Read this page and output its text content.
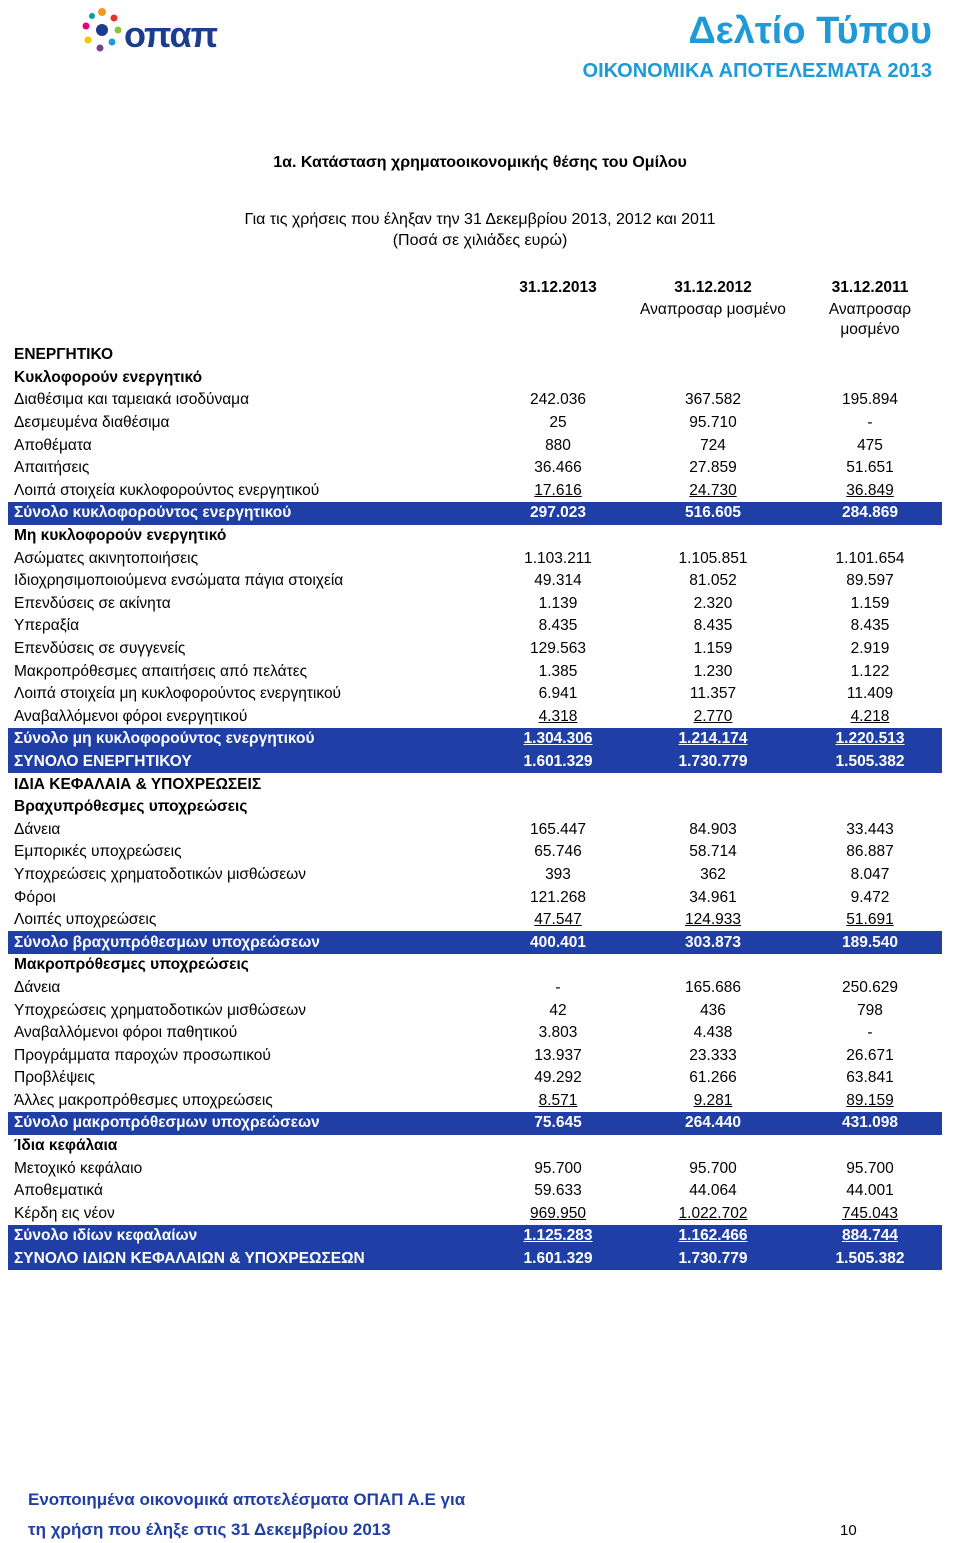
οπαπ	Δελτίο Τύπου
ΟΙΚΟΝΟΜΙΚΑ ΑΠΟΤΕΛΕΣΜΑΤΑ 2013
1α. Κατάσταση χρηματοοικονομικής θέσης του Ομίλου
Για τις χρήσεις που έληξαν την 31 Δεκεμβρίου 2013, 2012 και 2011
(Ποσά σε χιλιάδες ευρώ)
	31.12.2013	31.12.2012	31.12.2011
		Αναπροσαρ μοσμένο	Αναπροσαρ μοσμένο
ΕΝΕΡΓΗΤΙΚΟ			
Κυκλοφορούν ενεργητικό			
Διαθέσιμα και ταμειακά ισοδύναμα	242.036	367.582	195.894
Δεσμευμένα διαθέσιμα	25	95.710	-
Αποθέματα	880	724	475
Απαιτήσεις	36.466	27.859	51.651
Λοιπά στοιχεία κυκλοφορούντος ενεργητικού	17.616	24.730	36.849
Σύνολο κυκλοφορούντος ενεργητικού	297.023	516.605	284.869
Μη κυκλοφορούν ενεργητικό			
Ασώματες ακινητοποιήσεις	1.103.211	1.105.851	1.101.654
Ιδιοχρησιμοποιούμενα ενσώματα πάγια στοιχεία	49.314	81.052	89.597
Επενδύσεις σε ακίνητα	1.139	2.320	1.159
Υπεραξία	8.435	8.435	8.435
Επενδύσεις σε συγγενείς	129.563	1.159	2.919
Μακροπρόθεσμες απαιτήσεις από πελάτες	1.385	1.230	1.122
Λοιπά στοιχεία μη κυκλοφορούντος ενεργητικού	6.941	11.357	11.409
Αναβαλλόμενοι φόροι ενεργητικού	4.318	2.770	4.218
Σύνολο μη κυκλοφορούντος ενεργητικού	1.304.306	1.214.174	1.220.513
ΣΥΝΟΛΟ ΕΝΕΡΓΗΤΙΚΟΥ	1.601.329	1.730.779	1.505.382
ΙΔΙΑ ΚΕΦΑΛΑΙΑ & ΥΠΟΧΡΕΩΣΕΙΣ			
Βραχυπρόθεσμες υποχρεώσεις			
Δάνεια	165.447	84.903	33.443
Εμπορικές υποχρεώσεις	65.746	58.714	86.887
Υποχρεώσεις χρηματοδοτικών μισθώσεων	393	362	8.047
Φόροι	121.268	34.961	9.472
Λοιπές υποχρεώσεις	47.547	124.933	51.691
Σύνολο βραχυπρόθεσμων υποχρεώσεων	400.401	303.873	189.540
Μακροπρόθεσμες υποχρεώσεις			
Δάνεια	-	165.686	250.629
Υποχρεώσεις χρηματοδοτικών μισθώσεων	42	436	798
Αναβαλλόμενοι φόροι παθητικού	3.803	4.438	-
Προγράμματα παροχών προσωπικού	13.937	23.333	26.671
Προβλέψεις	49.292	61.266	63.841
Άλλες μακροπρόθεσμες υποχρεώσεις	8.571	9.281	89.159
Σύνολο μακροπρόθεσμων υποχρεώσεων	75.645	264.440	431.098
Ίδια κεφάλαια			
Μετοχικό κεφάλαιο	95.700	95.700	95.700
Αποθεματικά	59.633	44.064	44.001
Κέρδη εις νέον	969.950	1.022.702	745.043
Σύνολο ιδίων κεφαλαίων	1.125.283	1.162.466	884.744
ΣΥΝΟΛΟ ΙΔΙΩΝ ΚΕΦΑΛΑΙΩΝ & ΥΠΟΧΡΕΩΣΕΩΝ	1.601.329	1.730.779	1.505.382
Ενοποιημένα οικονομικά αποτελέσματα ΟΠΑΠ Α.Ε για
τη χρήση που έληξε στις 31 Δεκεμβρίου 2013	10
